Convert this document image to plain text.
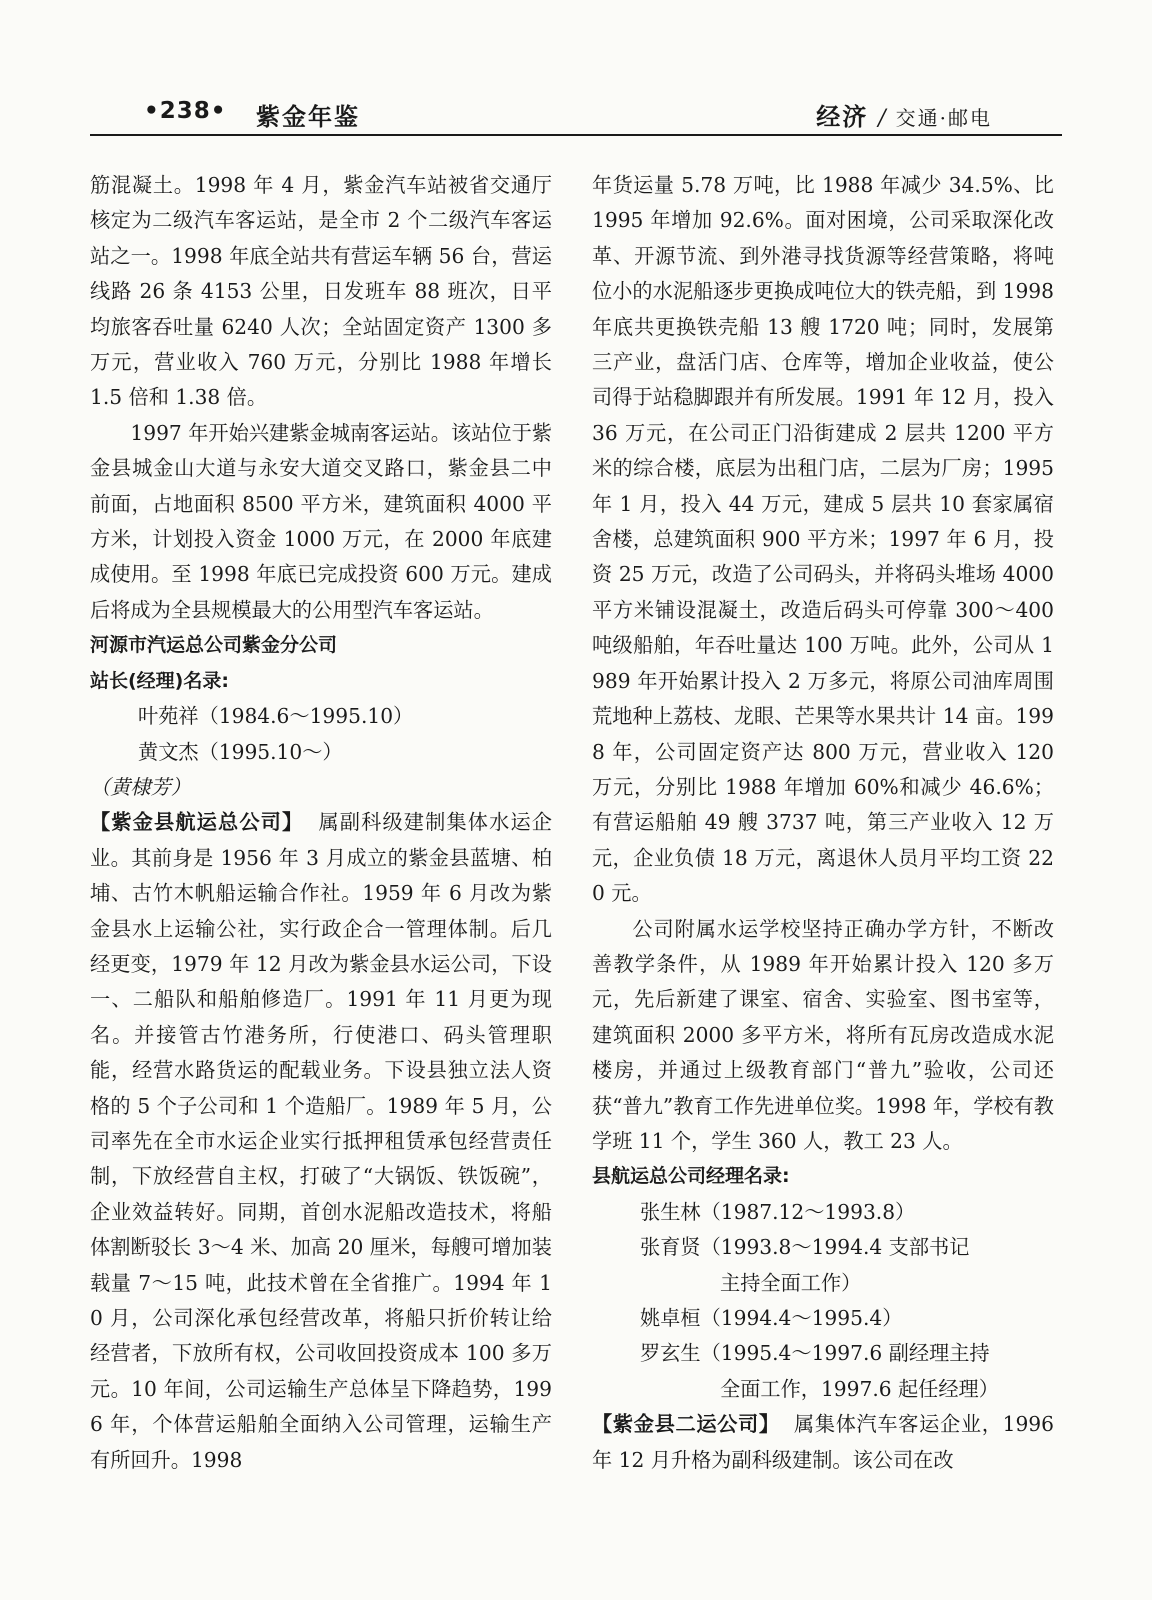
•238• 紫金年鉴	经济 / 交通·邮电

筋混凝土。1998 年 4 月，紫金汽车站被省交通厅核定为二级汽车客运站，是全市 2 个二级汽车客运站之一。1998 年底全站共有营运车辆 56 台，营运线路 26 条 4153 公里，日发班车 88 班次，日平均旅客吞吐量 6240 人次；全站固定资产 1300 多万元，营业收入 760 万元，分别比 1988 年增长 1.5 倍和 1.38 倍。

1997 年开始兴建紫金城南客运站。该站位于紫金县城金山大道与永安大道交叉路口，紫金县二中前面，占地面积 8500 平方米，建筑面积 4000 平方米，计划投入资金 1000 万元，在 2000 年底建成使用。至 1998 年底已完成投资 600 万元。建成后将成为全县规模最大的公用型汽车客运站。

河源市汽运总公司紫金分公司

站长(经理)名录:

叶苑祥（1984.6～1995.10）

黄文杰（1995.10～）

（黄棣芳）

【紫金县航运总公司】 属副科级建制集体水运企业。其前身是 1956 年 3 月成立的紫金县蓝塘、柏埔、古竹木帆船运输合作社。1959 年 6 月改为紫金县水上运输公社，实行政企合一管理体制。后几经更变，1979 年 12 月改为紫金县水运公司，下设一、二船队和船舶修造厂。1991 年 11 月更为现名。并接管古竹港务所，行使港口、码头管理职能，经营水路货运的配载业务。下设县独立法人资格的 5 个子公司和 1 个造船厂。1989 年 5 月，公司率先在全市水运企业实行抵押租赁承包经营责任制，下放经营自主权，打破了“大锅饭、铁饭碗”，企业效益转好。同期，首创水泥船改造技术，将船体割断驳长 3～4 米、加高 20 厘米，每艘可增加装载量 7～15 吨，此技术曾在全省推广。1994 年 10 月，公司深化承包经营改革，将船只折价转让给经营者，下放所有权，公司收回投资成本 100 多万元。10 年间，公司运输生产总体呈下降趋势，1996 年，个体营运船舶全面纳入公司管理，运输生产有所回升。1998

年货运量 5.78 万吨，比 1988 年减少 34.5%、比 1995 年增加 92.6%。面对困境，公司采取深化改革、开源节流、到外港寻找货源等经营策略，将吨位小的水泥船逐步更换成吨位大的铁壳船，到 1998 年底共更换铁壳船 13 艘 1720 吨；同时，发展第三产业，盘活门店、仓库等，增加企业收益，使公司得于站稳脚跟并有所发展。1991 年 12 月，投入 36 万元，在公司正门沿街建成 2 层共 1200 平方米的综合楼，底层为出租门店，二层为厂房；1995 年 1 月，投入 44 万元，建成 5 层共 10 套家属宿舍楼，总建筑面积 900 平方米；1997 年 6 月，投资 25 万元，改造了公司码头，并将码头堆场 4000 平方米铺设混凝土，改造后码头可停靠 300～400 吨级船舶，年吞吐量达 100 万吨。此外，公司从 1989 年开始累计投入 2 万多元，将原公司油库周围荒地种上荔枝、龙眼、芒果等水果共计 14 亩。1998 年，公司固定资产达 800 万元，营业收入 120 万元，分别比 1988 年增加 60%和减少 46.6%；有营运船舶 49 艘 3737 吨，第三产业收入 12 万元，企业负债 18 万元，离退休人员月平均工资 220 元。

公司附属水运学校坚持正确办学方针，不断改善教学条件，从 1989 年开始累计投入 120 多万元，先后新建了课室、宿舍、实验室、图书室等，建筑面积 2000 多平方米，将所有瓦房改造成水泥楼房，并通过上级教育部门“普九”验收，公司还获“普九”教育工作先进单位奖。1998 年，学校有教学班 11 个，学生 360 人，教工 23 人。

县航运总公司经理名录:

张生林（1987.12～1993.8）

张育贤（1993.8～1994.4 支部书记

主持全面工作）

姚卓桓（1994.4～1995.4）

罗玄生（1995.4～1997.6 副经理主持

全面工作，1997.6 起任经理）

【紫金县二运公司】 属集体汽车客运企业，1996 年 12 月升格为副科级建制。该公司在改
